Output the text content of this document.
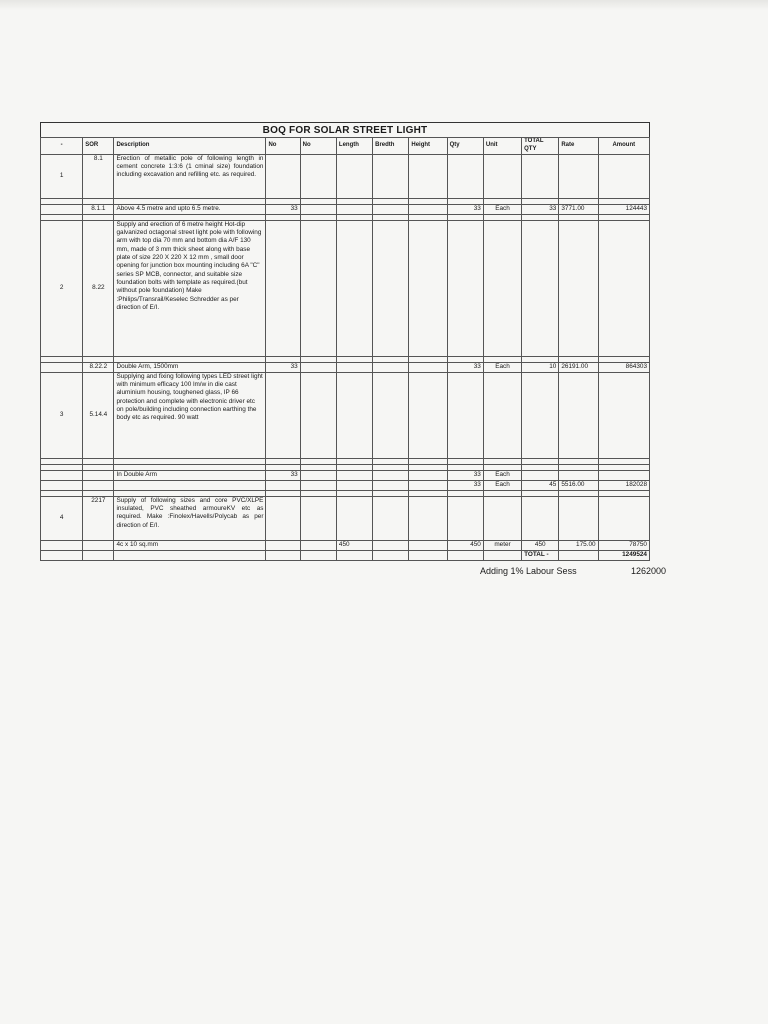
BOQ FOR SOLAR STREET LIGHT
-	SOR	Description	No	No	Length	Bredth	Height	Qty	Unit	TOTAL QTY	Rate	Amount
1	8.1	Erection of metallic pole of following length in cement concrete 1:3:6 (1 cminal size) foundation including excavation and refilling etc. as required.										

	8.1.1	Above 4.5 metre and upto 6.5 metre.	33					33	Each	33	3771.00	124443

2	8.22	Supply and erection of 6 metre height Hot-dip galvanized octagonal street light pole with following arm with top dia 70 mm and bottom dia A/F 130 mm, made of 3 mm thick sheet along with base plate of size 220 X 220 X 12 mm , small door opening for junction box mounting including 6A "C" series SP MCB, connector, and suitable size foundation bolts with template as required.(but without pole foundation) Make :Philips/Transrail/Keselec Schredder as per direction of E/I.										

	8.22.2	Double Arm, 1500mm	33					33	Each	10	26191.00	864303
3	5.14.4	Supplying and fixing following types LED street light with minimum efficacy 100 lm/w in die cast aluminium housing, toughened glass, IP 66 protection and complete with electronic driver etc on pole/building including connection earthing the body etc as required. 90 watt										

		In Double Arm	33					33	Each			
								33	Each	45	5516.00	182028

4	2217	Supply of following sizes and core PVC/XLPE insulated, PVC sheathed armoureKV etc as required. Make :Finolex/Havells/Polycab as per direction of E/I.										
		4c x 10 sq.mm			450			450	meter	450	175.00	78750
										TOTAL -		1249524
Adding 1% Labour Sess	1262000
